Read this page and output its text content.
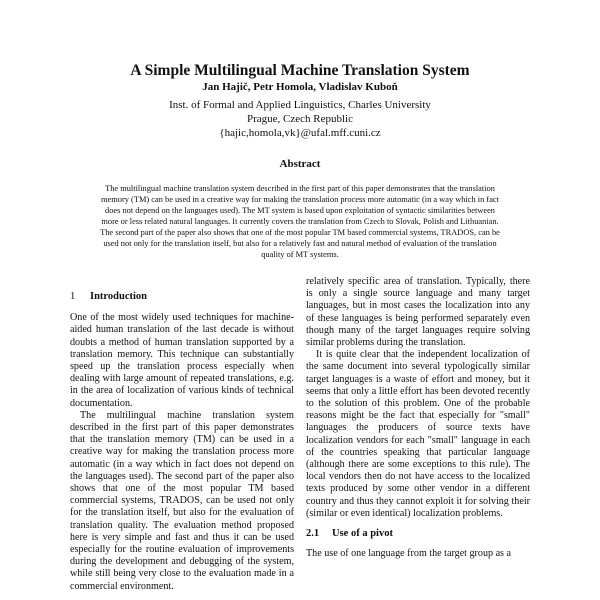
A Simple Multilingual Machine Translation System
Jan Hajič, Petr Homola, Vladislav Kuboň
Inst. of Formal and Applied Linguistics, Charles University
Prague, Czech Republic
{hajic,homola,vk}@ufal.mff.cuni.cz
Abstract
The multilingual machine translation system described in the first part of this paper demonstrates that the translation memory (TM) can be used in a creative way for making the translation process more automatic (in a way which in fact does not depend on the languages used). The MT system is based upon exploitation of syntactic similarities between more or less related natural languages. It currently covers the translation from Czech to Slovak, Polish and Lithuanian. The second part of the paper also shows that one of the most popular TM based commercial systems, TRADOS, can be used not only for the translation itself, but also for a relatively fast and natural method of evaluation of the translation quality of MT systems.
1 Introduction

One of the most widely used techniques for machine-aided human translation of the last decade is without doubts a method of human translation supported by a translation memory. This technique can substantially speed up the translation process especially when dealing with large amount of repeated translations, e.g. in the area of localization of various kinds of technical documentation.

The multilingual machine translation system described in the first part of this paper demonstrates that the translation memory (TM) can be used in a creative way for making the translation process more automatic (in a way which in fact does not depend on the languages used). The second part of the paper also shows that one of the most popular TM based commercial systems, TRADOS, can be used not only for the translation itself, but also for the evaluation of translation quality. The evaluation method proposed here is very simple and fast and thus it can be used especially for the routine evaluation of improvements during the development and debugging of the system, while still being very close to the evaluation made in a commercial environment.

relatively specific area of translation. Typically, there is only a single source language and many target languages, but in most cases the localization into any of these languages is being performed separately even though many of the target languages require solving similar problems during the translation.

It is quite clear that the independent localization of the same document into several typologically similar target languages is a waste of effort and money, but it seems that only a little effort has been devoted recently to the solution of this problem. One of the probable reasons might be the fact that especially for "small" languages the producers of source texts have localization vendors for each "small" language in each of the countries speaking that particular language (although there are some exceptions to this rule). The local vendors then do not have access to the localized texts produced by some other vendor in a different country and thus they cannot exploit it for solving their (similar or even identical) localization problems.

2.1 Use of a pivot

The use of one language from the target group as a
